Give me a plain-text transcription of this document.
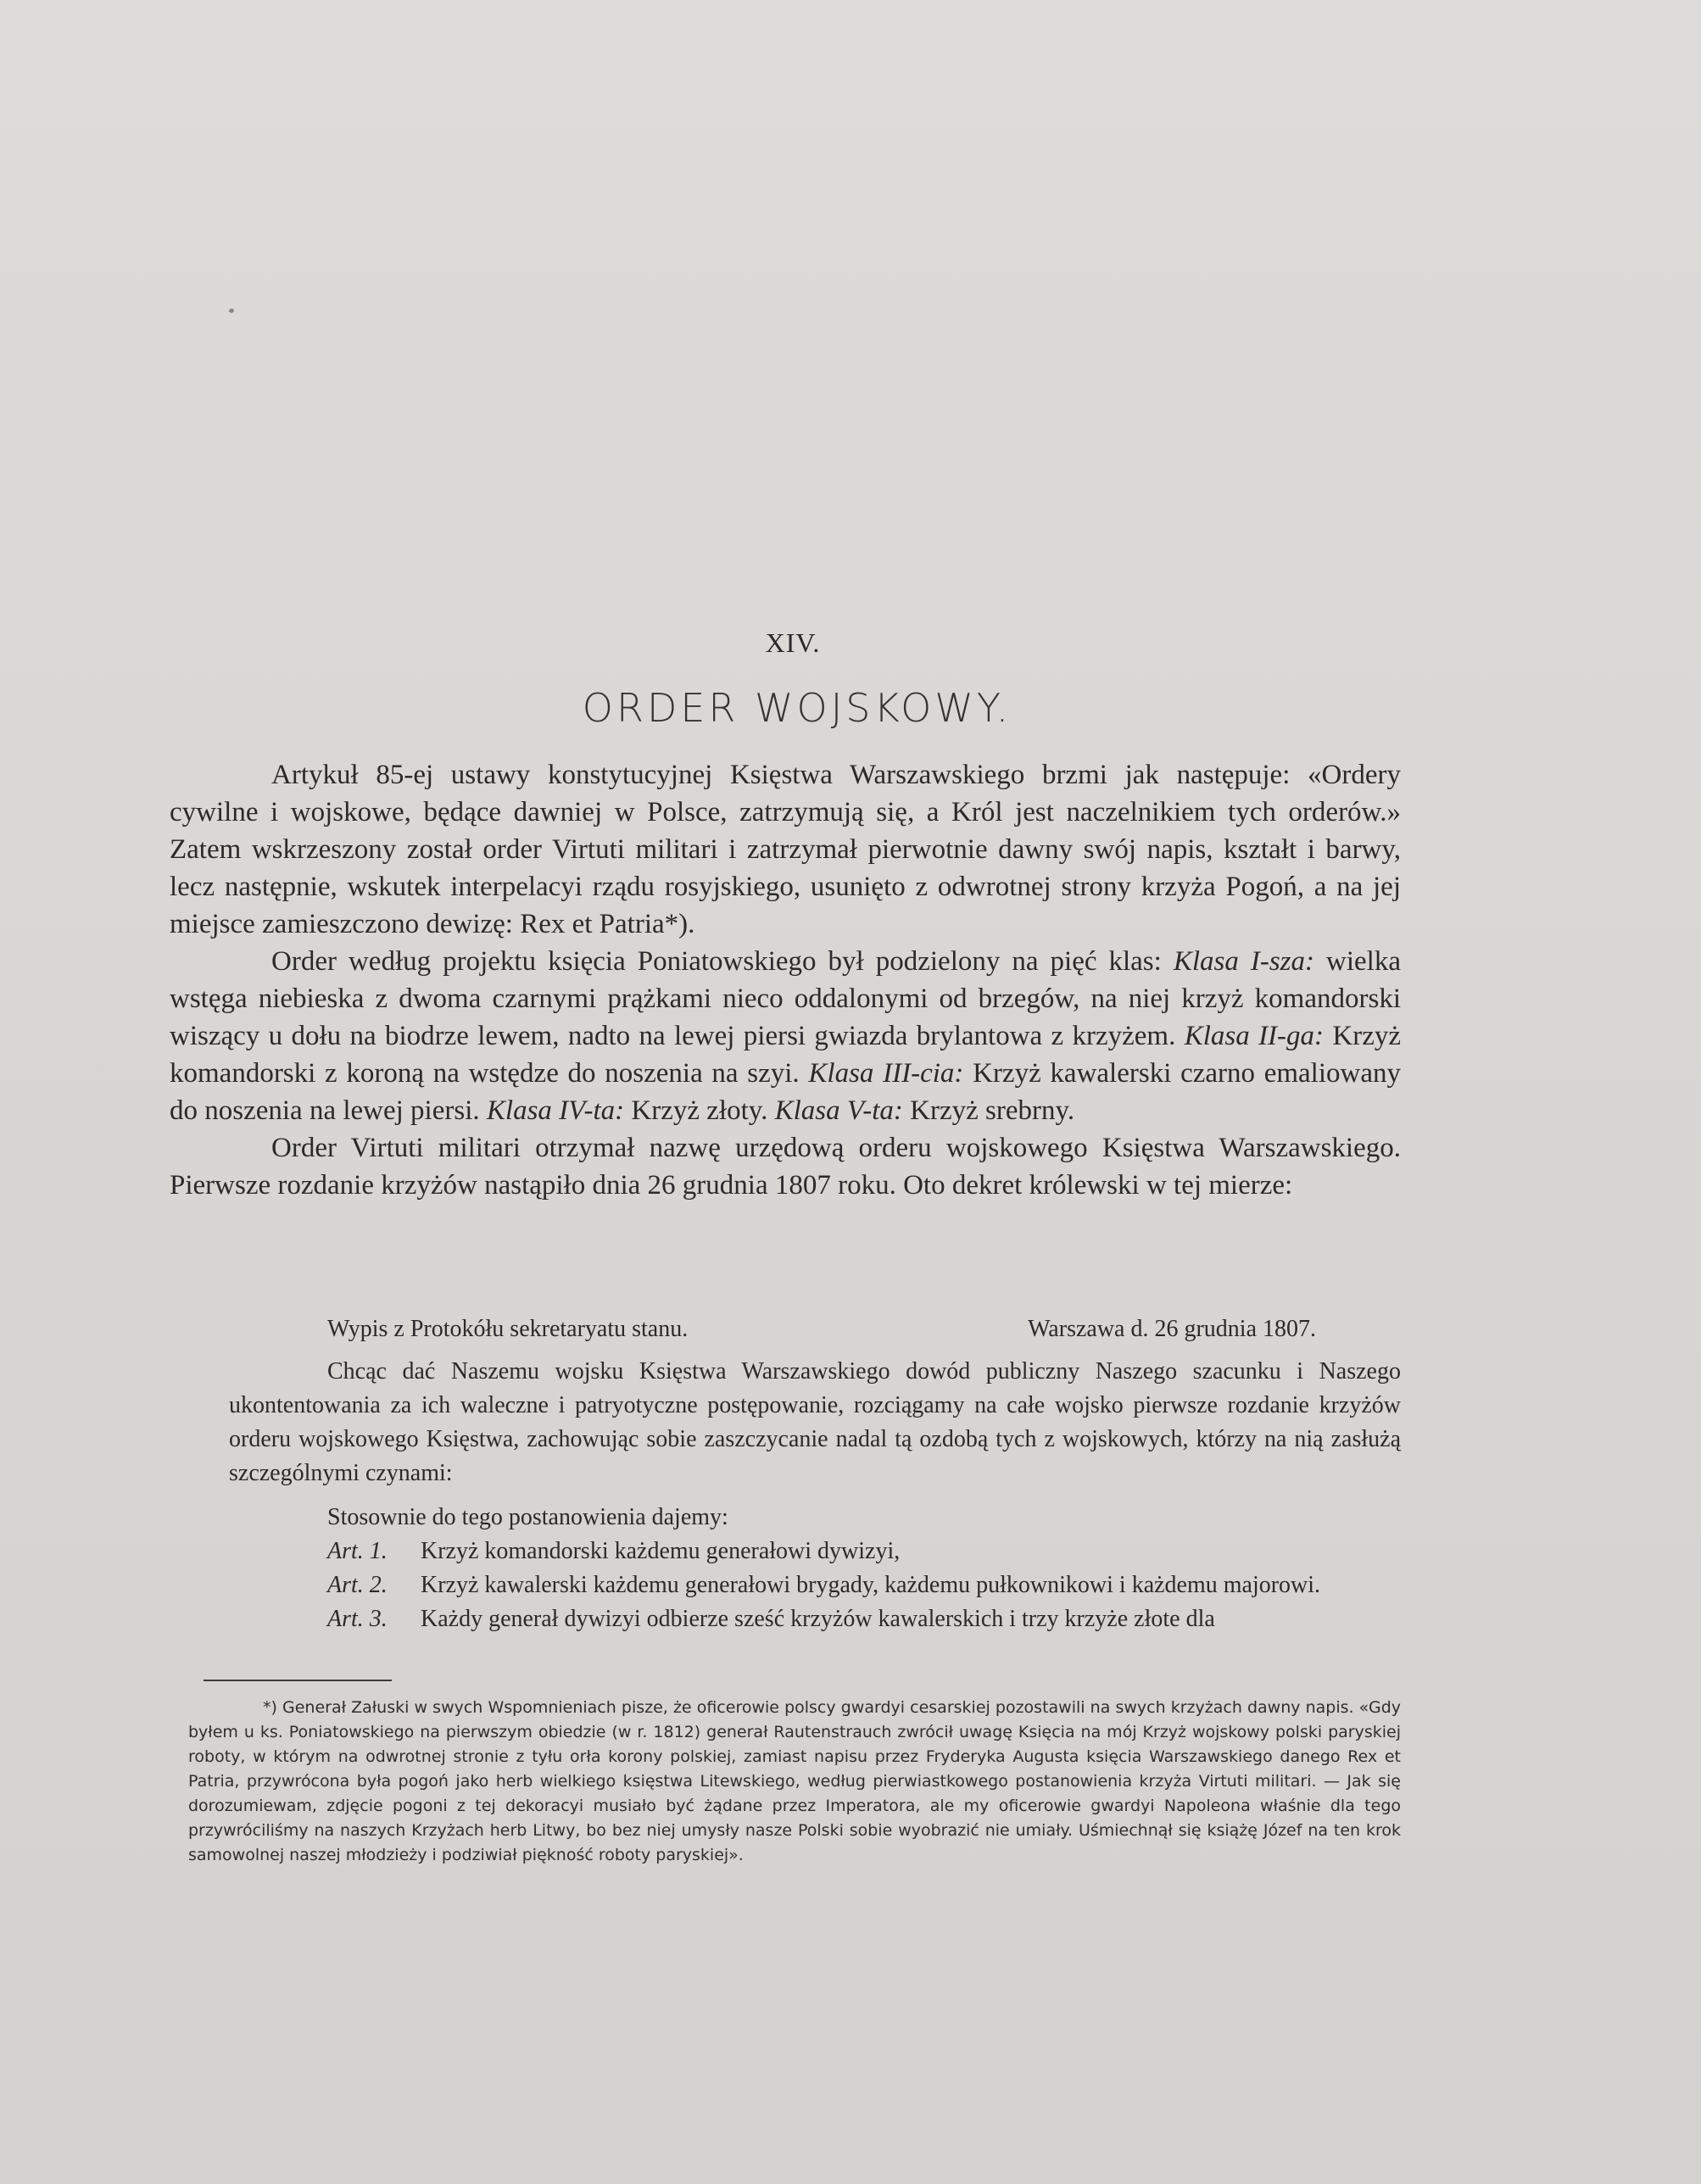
XIV.
ORDER WOJSKOWY.

Artykuł 85-ej ustawy konstytucyjnej Księstwa Warszawskiego brzmi jak następuje: «Ordery cywilne i wojskowe, będące dawniej w Polsce, zatrzymują się, a Król jest naczelnikiem tych orderów.» Zatem wskrzeszony został order Virtuti militari i zatrzymał pierwotnie dawny swój napis, kształt i barwy, lecz następnie, wskutek interpelacyi rządu rosyjskiego, usunięto z odwrotnej strony krzyża Pogoń, a na jej miejsce zamieszczono dewizę: Rex et Patria*).

Order według projektu księcia Poniatowskiego był podzielony na pięć klas: Klasa I-sza: wielka wstęga niebieska z dwoma czarnymi prążkami nieco oddalonymi od brzegów, na niej krzyż komandorski wiszący u dołu na biodrze lewem, nadto na lewej piersi gwiazda brylantowa z krzyżem. Klasa II-ga: Krzyż komandorski z koroną na wstędze do noszenia na szyi. Klasa III-cia: Krzyż kawalerski czarno emaliowany do noszenia na lewej piersi. Klasa IV-ta: Krzyż złoty. Klasa V-ta: Krzyż srebrny.

Order Virtuti militari otrzymał nazwę urzędową orderu wojskowego Księstwa Warszawskiego. Pierwsze rozdanie krzyżów nastąpiło dnia 26 grudnia 1807 roku. Oto dekret królewski w tej mierze:

Wypis z Protokółu sekretaryatu stanu.	Warszawa d. 26 grudnia 1807.

Chcąc dać Naszemu wojsku Księstwa Warszawskiego dowód publiczny Naszego szacunku i Naszego ukontentowania za ich waleczne i patryotyczne postępowanie, rozciągamy na całe wojsko pierwsze rozdanie krzyżów orderu wojskowego Księstwa, zachowując sobie zaszczycanie nadal tą ozdobą tych z wojskowych, którzy na nią zasłużą szczególnymi czynami:

Stosownie do tego postanowienia dajemy:

Art. 1. Krzyż komandorski każdemu generałowi dywizyi,

Art. 2. Krzyż kawalerski każdemu generałowi brygady, każdemu pułkownikowi i każdemu majorowi.

Art. 3. Każdy generał dywizyi odbierze sześć krzyżów kawalerskich i trzy krzyże złote dla

*) Generał Załuski w swych Wspomnieniach pisze, że oficerowie polscy gwardyi cesarskiej pozostawili na swych krzyżach dawny napis. «Gdy byłem u ks. Poniatowskiego na pierwszym obiedzie (w r. 1812) generał Rautenstrauch zwrócił uwagę Księcia na mój Krzyż wojskowy polski paryskiej roboty, w którym na odwrotnej stronie z tyłu orła korony polskiej, zamiast napisu przez Fryderyka Augusta księcia Warszawskiego danego Rex et Patria, przywrócona była pogoń jako herb wielkiego księstwa Litewskiego, według pierwiastkowego postanowienia krzyża Virtuti militari. — Jak się dorozumiewam, zdjęcie pogoni z tej dekoracyi musiało być żądane przez Imperatora, ale my oficerowie gwardyi Napoleona właśnie dla tego przywróciliśmy na naszych Krzyżach herb Litwy, bo bez niej umysły nasze Polski sobie wyobrazić nie umiały. Uśmiechnął się książę Józef na ten krok samowolnej naszej młodzieży i podziwiał piękność roboty paryskiej».
